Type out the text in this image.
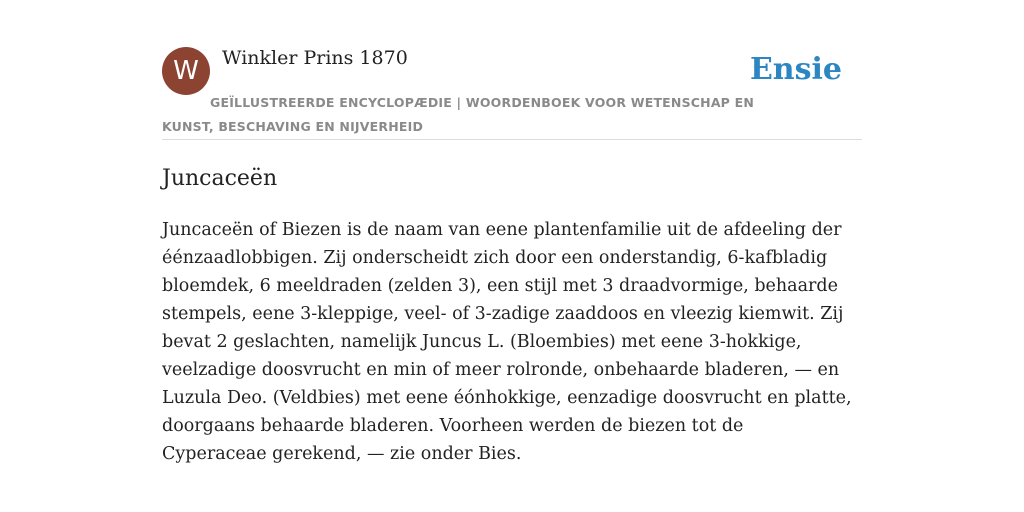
W	Winkler Prins 1870	Ensie
GEÏLLUSTREERDE ENCYCLOPÆDIE | WOORDENBOEK VOOR WETENSCHAP EN KUNST, BESCHAVING EN NIJVERHEID
Juncaceën

Juncaceën of Biezen is de naam van eene plantenfamilie uit de afdeeling der éénzaadlobbigen. Zij onderscheidt zich door een onderstandig, 6-kafbladig bloemdek, 6 meeldraden (zelden 3), een stijl met 3 draadvormige, behaarde stempels, eene 3-kleppige, veel- of 3-zadige zaaddoos en vleezig kiemwit. Zij bevat 2 geslachten, namelijk Juncus L. (Bloembies) met eene 3-hokkige, veelzadige doosvrucht en min of meer rolronde, onbehaarde bladeren, — en Luzula Deo. (Veldbies) met eene éónhokkige, eenzadige doosvrucht en platte, doorgaans behaarde bladeren. Voorheen werden de biezen tot de Cyperaceae gerekend, — zie onder Bies.
